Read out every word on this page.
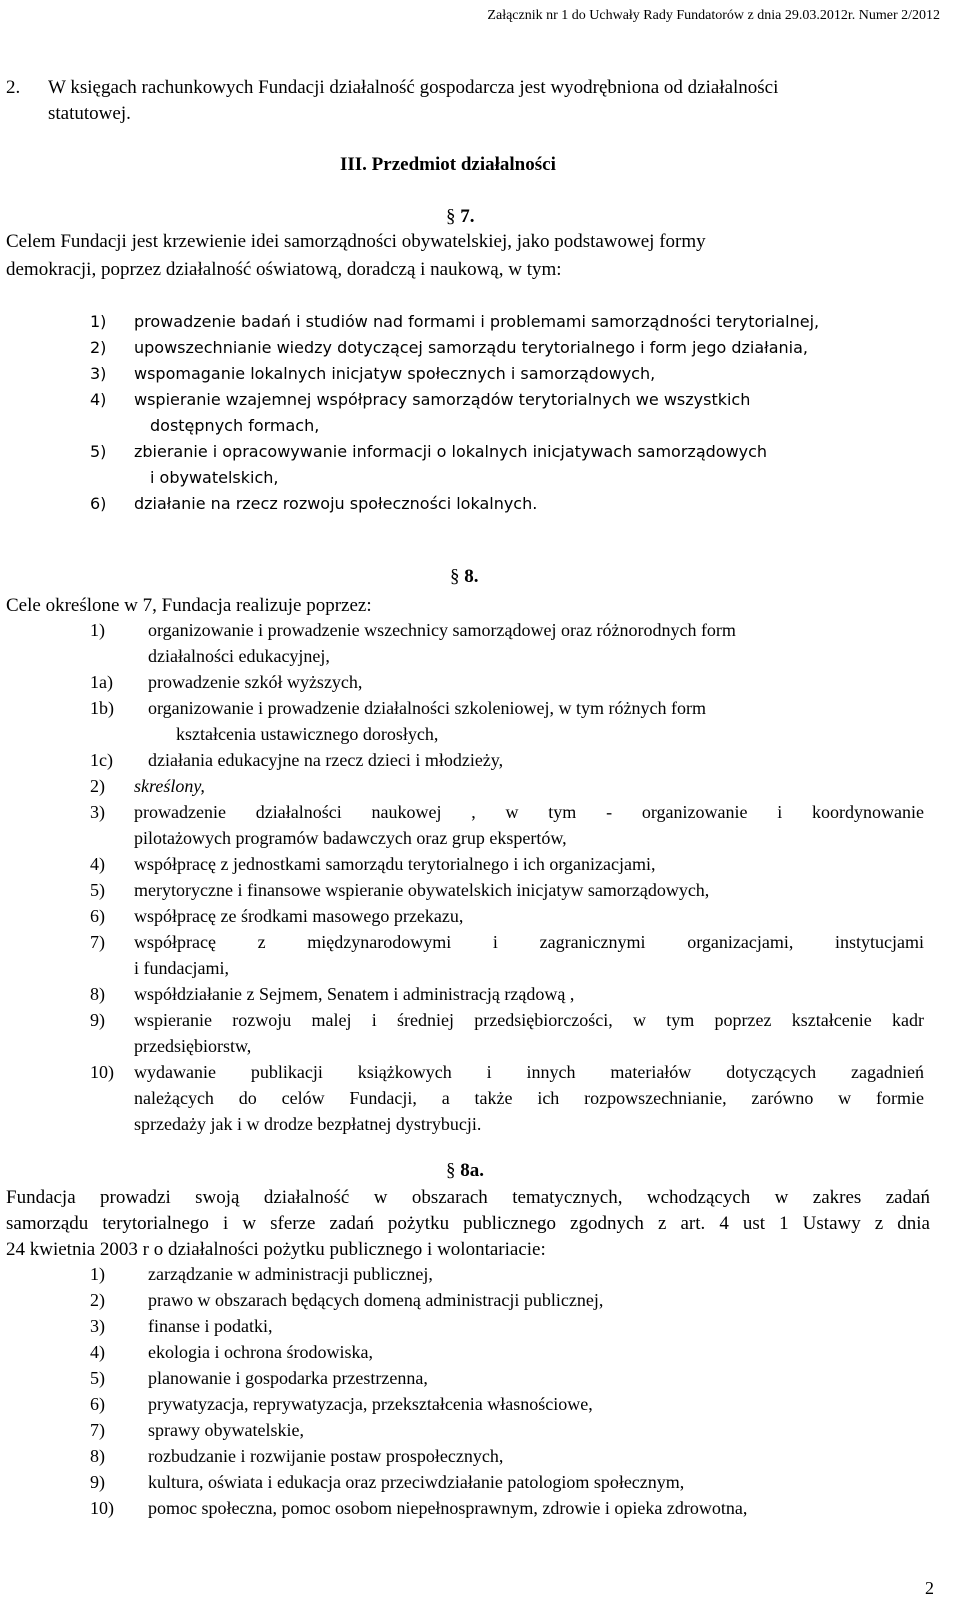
Załącznik nr 1 do Uchwały Rady Fundatorów z dnia 29.03.2012r. Numer 2/2012
2. W księgach rachunkowych Fundacji działalność gospodarcza jest wyodrębniona od działalności
statutowej.
III. Przedmiot działalności
§ 7.
Celem Fundacji jest krzewienie idei samorządności obywatelskiej, jako podstawowej formy
demokracji, poprzez działalność oświatową, doradczą i naukową, w tym:
1) prowadzenie badań i studiów nad formami i problemami samorządności terytorialnej,
2) upowszechnianie wiedzy dotyczącej samorządu terytorialnego i form jego działania,
3) wspomaganie lokalnych inicjatyw społecznych i samorządowych,
4) wspieranie wzajemnej współpracy samorządów terytorialnych we wszystkich
dostępnych formach,
5) zbieranie i opracowywanie informacji o lokalnych inicjatywach samorządowych
i obywatelskich,
6) działanie na rzecz rozwoju społeczności lokalnych.
§ 8.
Cele określone w 7, Fundacja realizuje poprzez:
1) organizowanie i prowadzenie wszechnicy samorządowej oraz różnorodnych form
działalności edukacyjnej,
1a) prowadzenie szkół wyższych,
1b) organizowanie i prowadzenie działalności szkoleniowej, w tym różnych form
kształcenia ustawicznego dorosłych,
1c) działania edukacyjne na rzecz dzieci i młodzieży,
2) skreślony,
3) prowadzenie działalności naukowej , w tym - organizowanie i koordynowanie
pilotażowych programów badawczych oraz grup ekspertów,
4) współpracę z jednostkami samorządu terytorialnego i ich organizacjami,
5) merytoryczne i finansowe wspieranie obywatelskich inicjatyw samorządowych,
6) współpracę ze środkami masowego przekazu,
7) współpracę z międzynarodowymi i zagranicznymi organizacjami, instytucjami
i fundacjami,
8) współdziałanie z Sejmem, Senatem i administracją rządową ,
9) wspieranie rozwoju malej i średniej przedsiębiorczości, w tym poprzez kształcenie kadr
przedsiębiorstw,
10) wydawanie publikacji książkowych i innych materiałów dotyczących zagadnień
należących do celów Fundacji, a także ich rozpowszechnianie, zarówno w formie
sprzedaży jak i w drodze bezpłatnej dystrybucji.
§ 8a.
Fundacja prowadzi swoją działalność w obszarach tematycznych, wchodzących w zakres zadań
samorządu terytorialnego i w sferze zadań pożytku publicznego zgodnych z art. 4 ust 1 Ustawy z dnia
24 kwietnia 2003 r o działalności pożytku publicznego i wolontariacie:
1) zarządzanie w administracji publicznej,
2) prawo w obszarach będących domeną administracji publicznej,
3) finanse i podatki,
4) ekologia i ochrona środowiska,
5) planowanie i gospodarka przestrzenna,
6) prywatyzacja, reprywatyzacja, przekształcenia własnościowe,
7) sprawy obywatelskie,
8) rozbudzanie i rozwijanie postaw prospołecznych,
9) kultura, oświata i edukacja oraz przeciwdziałanie patologiom społecznym,
10) pomoc społeczna, pomoc osobom niepełnosprawnym, zdrowie i opieka zdrowotna,
2
